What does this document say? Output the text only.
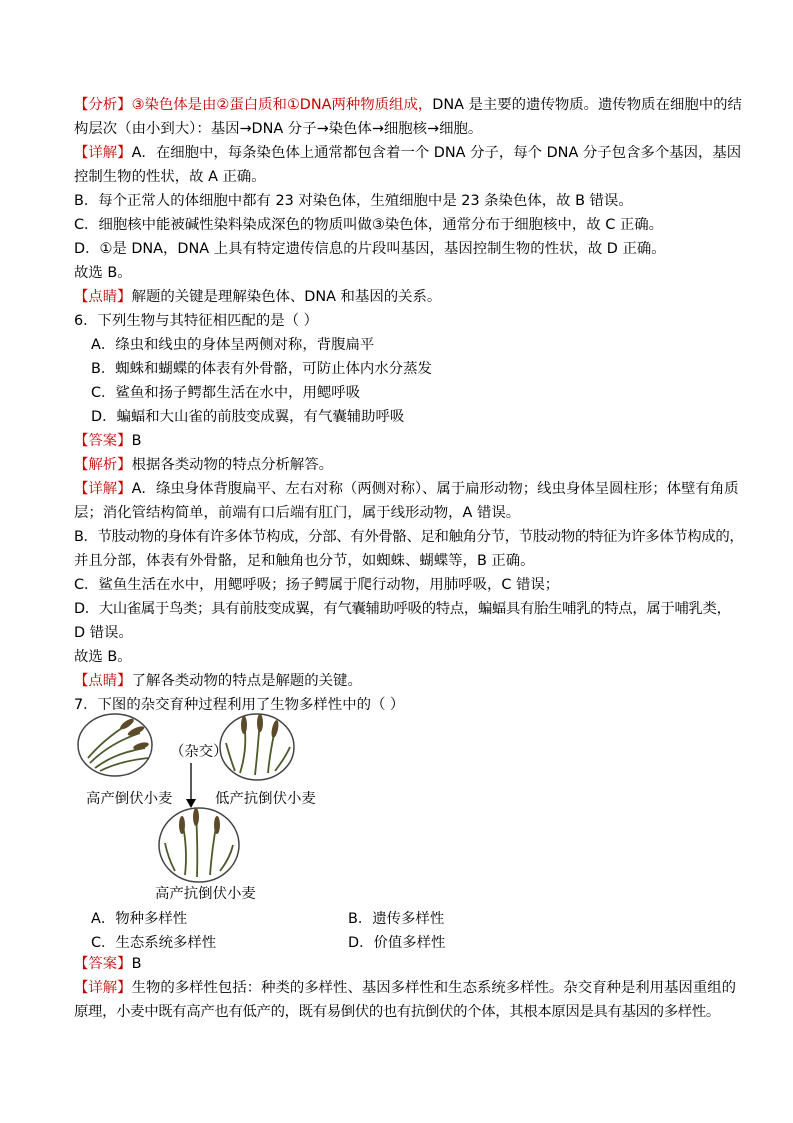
【分析】③染色体是由②蛋白质和①DNA两种物质组成，DNA 是主要的遗传物质。遗传物质在细胞中的结
构层次（由小到大）：基因→DNA 分子→染色体→细胞核→细胞。
【详解】A．在细胞中，每条染色体上通常都包含着一个 DNA 分子，每个 DNA 分子包含多个基因，基因
控制生物的性状，故 A 正确。
B．每个正常人的体细胞中都有 23 对染色体，生殖细胞中是 23 条染色体，故 B 错误。
C．细胞核中能被碱性染料染成深色的物质叫做③染色体，通常分布于细胞核中，故 C 正确。
D．①是 DNA，DNA 上具有特定遗传信息的片段叫基因，基因控制生物的性状，故 D 正确。
故选 B。
【点睛】解题的关键是理解染色体、DNA 和基因的关系。
6．下列生物与其特征相匹配的是（ ）
A．绦虫和线虫的身体呈两侧对称，背腹扁平
B．蜘蛛和蝴蝶的体表有外骨骼，可防止体内水分蒸发
C．鲨鱼和扬子鳄都生活在水中，用鳃呼吸
D．蝙蝠和大山雀的前肢变成翼，有气囊辅助呼吸
【答案】B
【解析】根据各类动物的特点分析解答。
【详解】A．绦虫身体背腹扁平、左右对称（两侧对称）、属于扁形动物；线虫身体呈圆柱形；体壁有角质
层；消化管结构简单，前端有口后端有肛门，属于线形动物，A 错误。
B．节肢动物的身体有许多体节构成，分部、有外骨骼、足和触角分节，节肢动物的特征为许多体节构成的，
并且分部，体表有外骨骼，足和触角也分节，如蜘蛛、蝴蝶等，B 正确。
C．鲨鱼生活在水中，用鳃呼吸；扬子鳄属于爬行动物，用肺呼吸，C 错误；
D．大山雀属于鸟类；具有前肢变成翼，有气囊辅助呼吸的特点，蝙蝠具有胎生哺乳的特点，属于哺乳类，
D 错误。
故选 B。
【点睛】了解各类动物的特点是解题的关键。
7．下图的杂交育种过程利用了生物多样性中的（ ）
（杂交）
高产倒伏小麦	低产抗倒伏小麦
高产抗倒伏小麦
A．物种多样性	B．遗传多样性
C．生态系统多样性	D．价值多样性
【答案】B
【详解】生物的多样性包括：种类的多样性、基因多样性和生态系统多样性。杂交育种是利用基因重组的
原理，小麦中既有高产也有低产的，既有易倒伏的也有抗倒伏的个体，其根本原因是具有基因的多样性。
